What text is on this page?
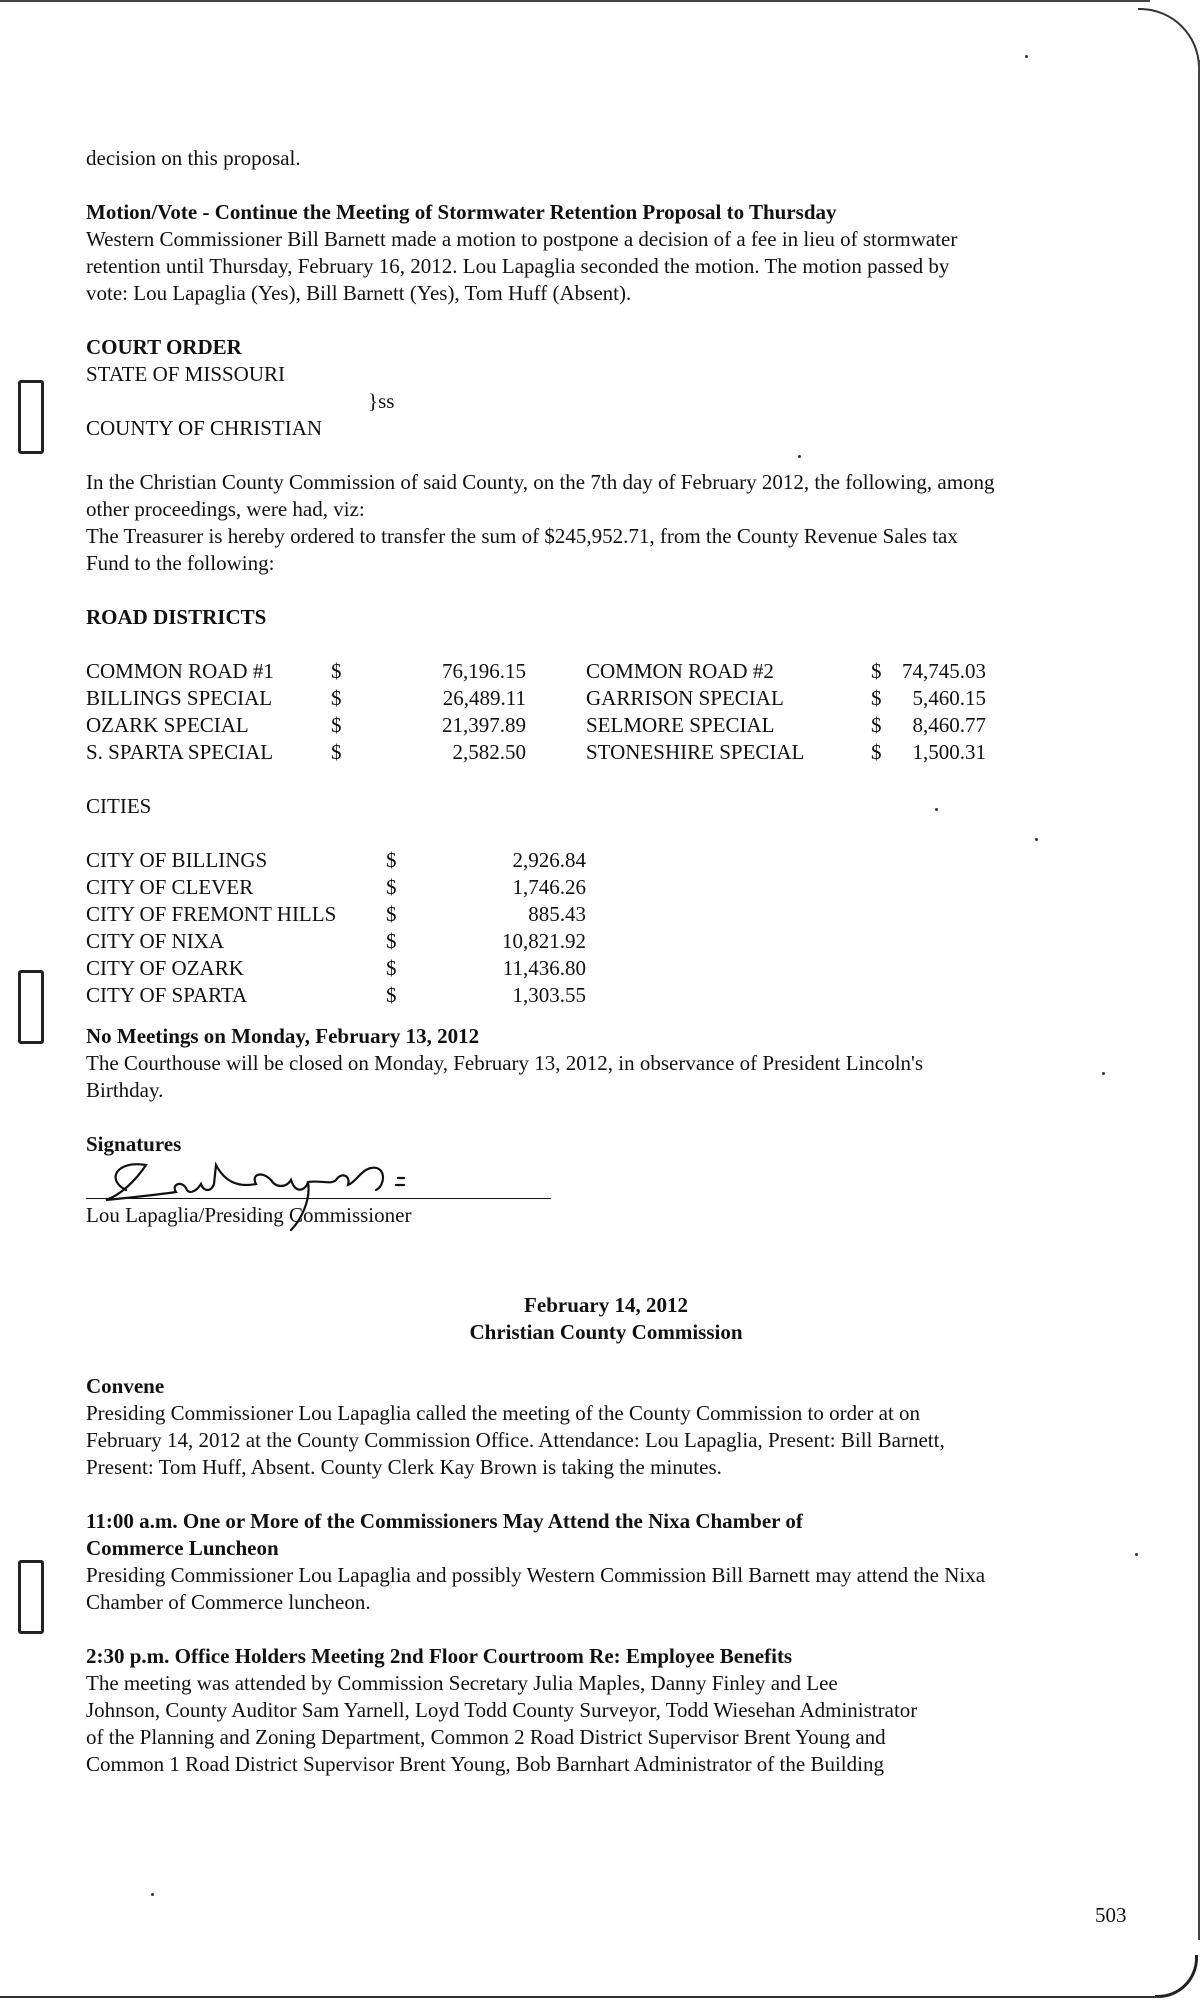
decision on this proposal.
Motion/Vote - Continue the Meeting of Stormwater Retention Proposal to Thursday
Western Commissioner Bill Barnett made a motion to postpone a decision of a fee in lieu of stormwater
retention until Thursday, February 16, 2012. Lou Lapaglia seconded the motion. The motion passed by
vote: Lou Lapaglia (Yes), Bill Barnett (Yes), Tom Huff (Absent).
COURT ORDER
STATE OF MISSOURI
}ss
COUNTY OF CHRISTIAN
In the Christian County Commission of said County, on the 7th day of February 2012, the following, among
other proceedings, were had, viz:
The Treasurer is hereby ordered to transfer the sum of $245,952.71, from the County Revenue Sales tax
Fund to the following:
ROAD DISTRICTS
COMMON ROAD #1	$	76,196.15	COMMON ROAD #2	$ 74,745.03
BILLINGS SPECIAL	$	26,489.11	GARRISON SPECIAL	$	5,460.15
OZARK SPECIAL	$	21,397.89	SELMORE SPECIAL	$	8,460.77
S. SPARTA SPECIAL	$	2,582.50	STONESHIRE SPECIAL	$	1,500.31
CITIES
CITY OF BILLINGS	$	2,926.84
CITY OF CLEVER	$	1,746.26
CITY OF FREMONT HILLS	$	885.43
CITY OF NIXA	$	10,821.92
CITY OF OZARK	$	11,436.80
CITY OF SPARTA	$	1,303.55
No Meetings on Monday, February 13, 2012
The Courthouse will be closed on Monday, February 13, 2012, in observance of President Lincoln's
Birthday.
Signatures
Lou Lapaglia/Presiding Commissioner
February 14, 2012
Christian County Commission
Convene
Presiding Commissioner Lou Lapaglia called the meeting of the County Commission to order at on
February 14, 2012 at the County Commission Office. Attendance: Lou Lapaglia, Present: Bill Barnett,
Present: Tom Huff, Absent. County Clerk Kay Brown is taking the minutes.
11:00 a.m. One or More of the Commissioners May Attend the Nixa Chamber of
Commerce Luncheon
Presiding Commissioner Lou Lapaglia and possibly Western Commission Bill Barnett may attend the Nixa
Chamber of Commerce luncheon.
2:30 p.m. Office Holders Meeting 2nd Floor Courtroom Re: Employee Benefits
The meeting was attended by Commission Secretary Julia Maples, Danny Finley and Lee
Johnson, County Auditor Sam Yarnell, Loyd Todd County Surveyor, Todd Wiesehan Administrator
of the Planning and Zoning Department, Common 2 Road District Supervisor Brent Young and
Common 1 Road District Supervisor Brent Young, Bob Barnhart Administrator of the Building
503
